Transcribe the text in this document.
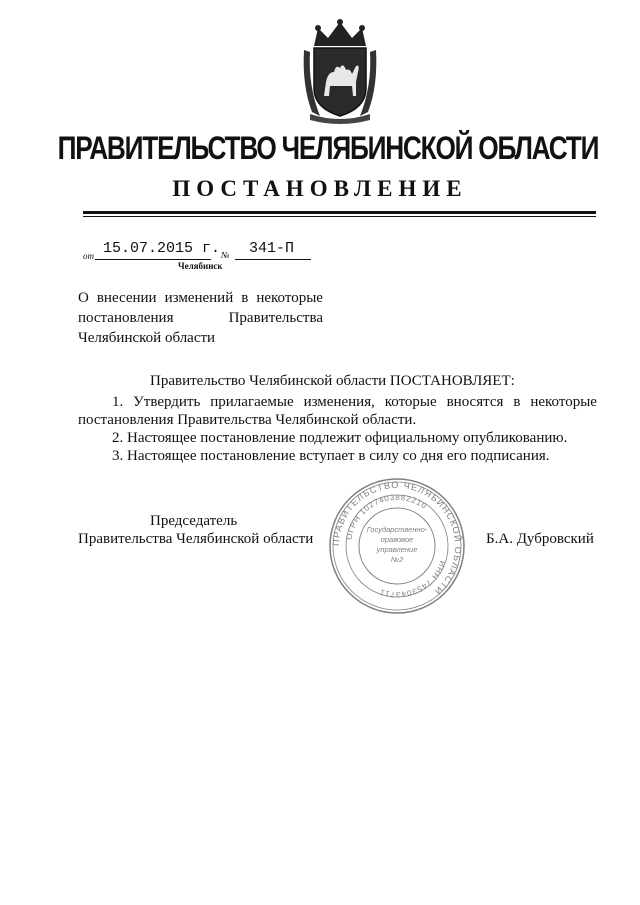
ПРАВИТЕЛЬСТВО ЧЕЛЯБИНСКОЙ ОБЛАСТИ
ПОСТАНОВЛЕНИЕ
от 15.07.2015 г. № 341-П
Челябинск
О внесении изменений в некоторые
постановления	Правительства
Челябинской области
Правительство Челябинской области ПОСТАНОВЛЯЕТ:
1. Утвердить прилагаемые изменения, которые вносятся в некоторые
постановления Правительства Челябинской области.
2. Настоящее постановление подлежит официальному опубликованию.
3. Настоящее постановление вступает в силу со дня его подписания.
Председатель
Правительства Челябинской области	Б.А. Дубровский
ПРАВИТЕЛЬСТВО ЧЕЛЯБИНСКОЙ ОБЛАСТИ
ОГРН 1027403882210
ИНН 7453043711
Государственно-
правовое
управление
№2
